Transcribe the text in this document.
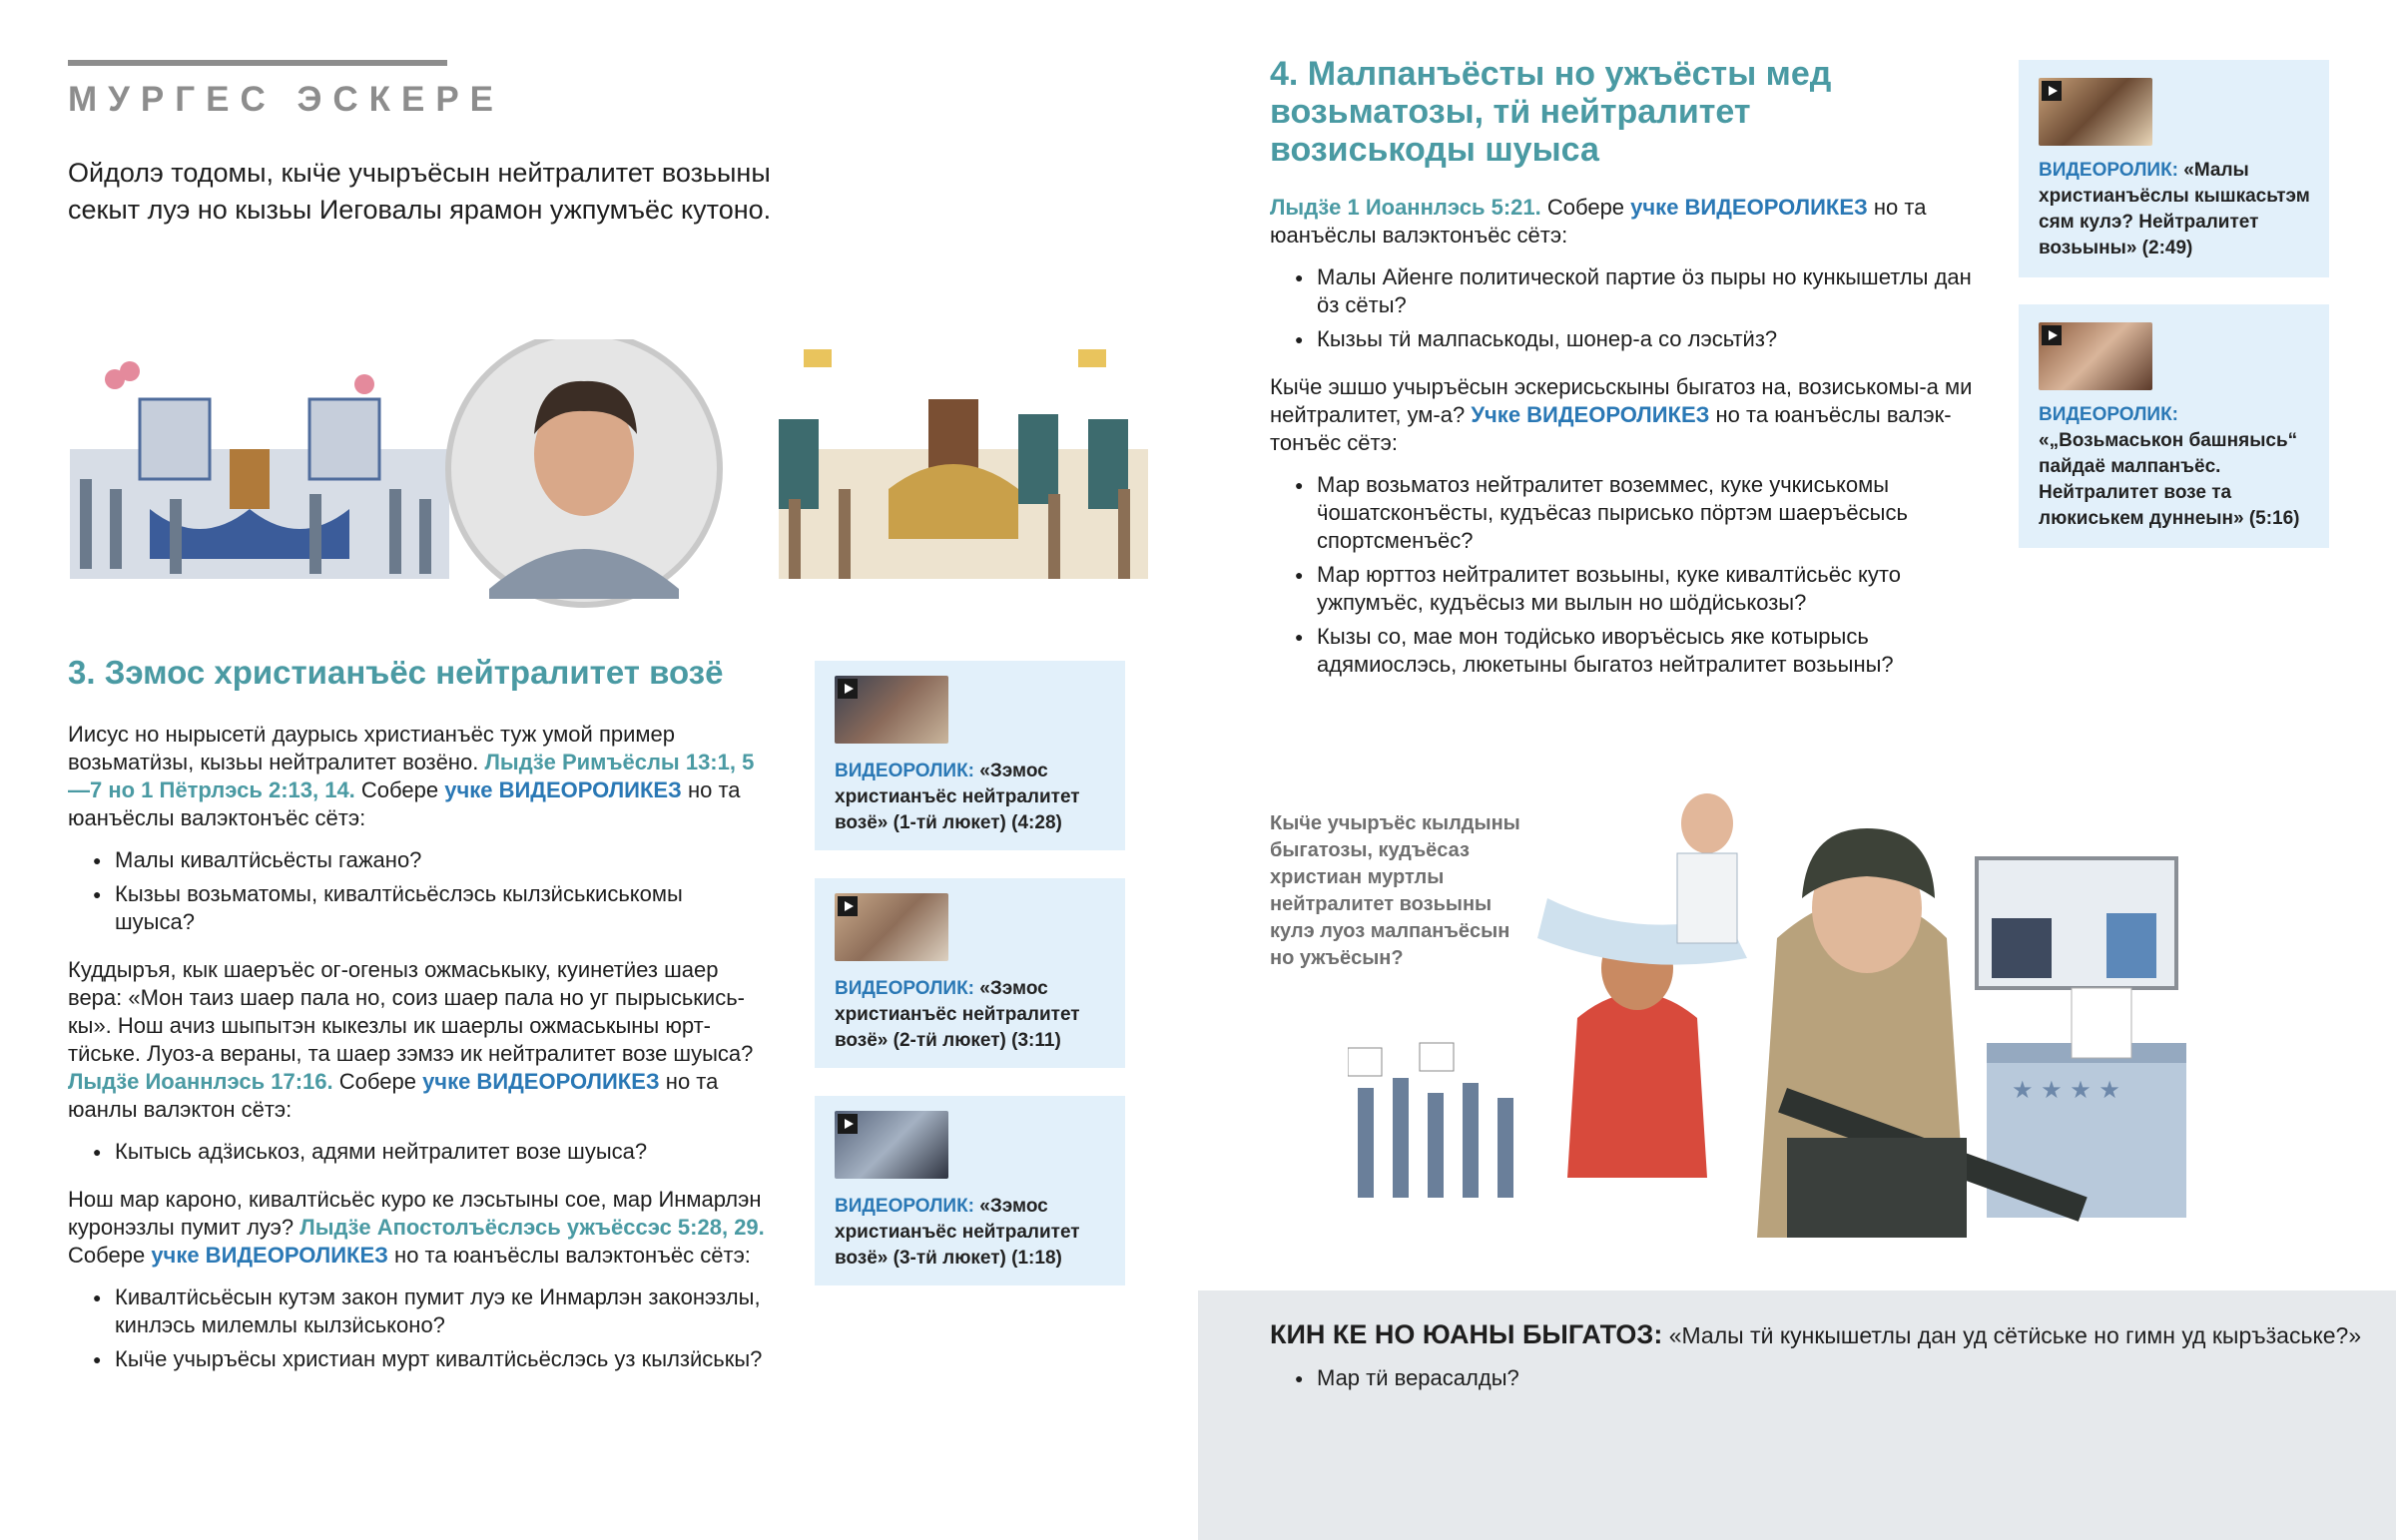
МУРГЕС ЭСКЕРЕ

Ойдолэ тодомы, кыӵе учыръёсын нейтралитет возьыны секыт луэ но кызьы Иеговалы ярамон ужпумъёс кутоно.

3. Зэмос христианъёс нейтралитет возё

Иисус но нырысетӥ даурысь христианъёс туж умой пример возьматӥзы, кызьы нейтралитет возёно. Лыдӟе Римъёслы 13:1, 5—7 но 1 Пётрлэсь 2:13, 14. Собере учке ВИДЕОРОЛИКЕЗ но та юанъёслы валэктонъёс сётэ:

● Малы кивалтӥсьёсты гажано?
● Кызьы возьматомы, кивалтӥсьёслэсь кылзӥськиськомы шуыса?

Куддыръя, кык шаеръёс ог-огеныз ожмаськыку, куинетӥез шаер вера: «Мон таиз шаер пала но, соиз шаер пала но уг пырыськись-кы». Нош ачиз шыпытэн кыкезлы ик шаерлы ожмаськыны юрт-тӥське. Луоз-а вераны, та шаер зэмзэ ик нейтралитет возе шуыса? Лыдӟе Иоаннлэсь 17:16. Собере учке ВИДЕОРОЛИКЕЗ но та юанлы валэктон сётэ:

● Кытысь адӟиськоз, адями нейтралитет возе шуыса?

Нош мар кароно, кивалтӥсьёс куро ке лэсьтыны сое, мар Инмарлэн куронэзлы пумит луэ? Лыдӟе Апостолъёслэсь ужъёссэс 5:28, 29. Собере учке ВИДЕОРОЛИКЕЗ но та юанъёслы валэктонъёс сётэ:

● Кивалтӥсьёсын кутэм закон пумит луэ ке Инмарлэн законэзлы, кинлэсь милемлы кылзӥськоно?
● Кыӵе учыръёсы христиан мурт кивалтӥсьёслэсь уз кылзӥськы?
ВИДЕОРОЛИК: «Зэмос христианъёс нейтралитет возё» (1-тӥ люкет) (4:28)
ВИДЕОРОЛИК: «Зэмос христианъёс нейтралитет возё» (2-тӥ люкет) (3:11)
ВИДЕОРОЛИК: «Зэмос христианъёс нейтралитет возё» (3-тӥ люкет) (1:18)
4. Малпанъёсты но ужъёсты мед
возьматозы, тӥ нейтралитет
возиськоды шуыса

Лыдӟе 1 Иоаннлэсь 5:21. Собере учке ВИДЕОРОЛИКЕЗ но та юанъёслы валэктонъёс сётэ:

● Малы Айенге политической партие ӧз пыры но кункышетлы дан ӧз сёты?
● Кызьы тӥ малпаськоды, шонер-а со лэсьтӥз?

Кыӵе эшшо учыръёсын эскерисьскыны быгатоз на, возиськомы-а ми нейтралитет, ум-а? Учке ВИДЕОРОЛИКЕЗ но та юанъёслы валэк-тонъёс сётэ:

● Мар возьматоз нейтралитет воземмес, куке учкиськомы ӵошатсконъёсты, кудъёсаз пырисько пӧртэм шаеръёсысь спортсменъёс?
● Мар юрттоз нейтралитет возьыны, куке кивалтӥсьёс куто ужпумъёс, кудъёсыз ми вылын но шӧдӥськозы?
● Кызы со, мае мон тодӥсько иворъёсысь яке котырысь адямиослэсь, люкетыны быгатоз нейтралитет возьыны?
ВИДЕОРОЛИК: «Малы христианъёслы кышкасьтэм сям кулэ? Нейтралитет возьыны» (2:49)
ВИДЕОРОЛИК:
«„Возьмаськон башняысь“ пайдаё малпанъёс. Нейтралитет возе та люкиськем дуннеын» (5:16)
Кыӵе учыръёс кылдыны быгатозы, кудъёсаз христиан муртлы нейтралитет возьыны кулэ луоз малпанъёсын но ужъёсын?
★ ★ ★ ★
КИН КЕ НО ЮАНЫ БЫГАТОЗ: «Малы тӥ кункышетлы дан уд сётӥське но гимн уд кыръӟаське?»
● Мар тӥ верасалды?
